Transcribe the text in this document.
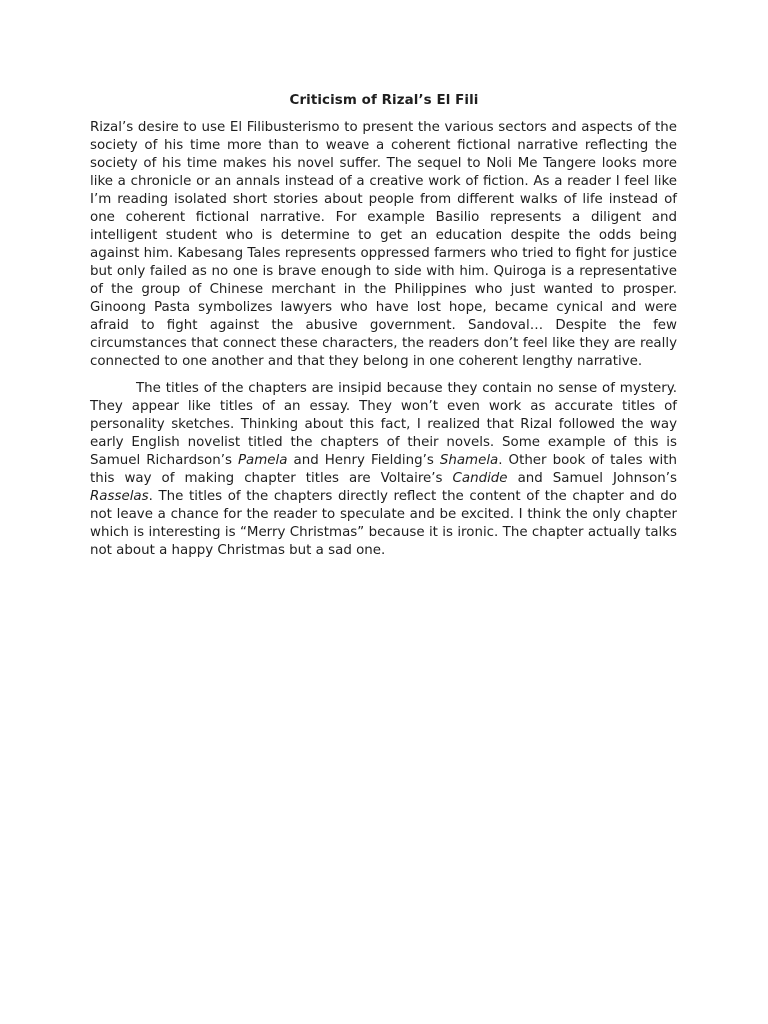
Criticism of Rizal’s El Fili

Rizal’s desire to use El Filibusterismo to present the various sectors and aspects of the society of his time more than to weave a coherent fictional narrative reflecting the society of his time makes his novel suffer. The sequel to Noli Me Tangere looks more like a chronicle or an annals instead of a creative work of fiction. As a reader I feel like I’m reading isolated short stories about people from different walks of life instead of one coherent fictional narrative. For example Basilio represents a diligent and intelligent student who is determine to get an education despite the odds being against him. Kabesang Tales represents oppressed farmers who tried to fight for justice but only failed as no one is brave enough to side with him. Quiroga is a representative of the group of Chinese merchant in the Philippines who just wanted to prosper. Ginoong Pasta symbolizes lawyers who have lost hope, became cynical and were afraid to fight against the abusive government. Sandoval… Despite the few circumstances that connect these characters, the readers don’t feel like they are really connected to one another and that they belong in one coherent lengthy narrative.

The titles of the chapters are insipid because they contain no sense of mystery. They appear like titles of an essay. They won’t even work as accurate titles of personality sketches. Thinking about this fact, I realized that Rizal followed the way early English novelist titled the chapters of their novels. Some example of this is Samuel Richardson’s Pamela and Henry Fielding’s Shamela. Other book of tales with this way of making chapter titles are Voltaire’s Candide and Samuel Johnson’s Rasselas. The titles of the chapters directly reflect the content of the chapter and do not leave a chance for the reader to speculate and be excited. I think the only chapter which is interesting is “Merry Christmas” because it is ironic. The chapter actually talks not about a happy Christmas but a sad one.
